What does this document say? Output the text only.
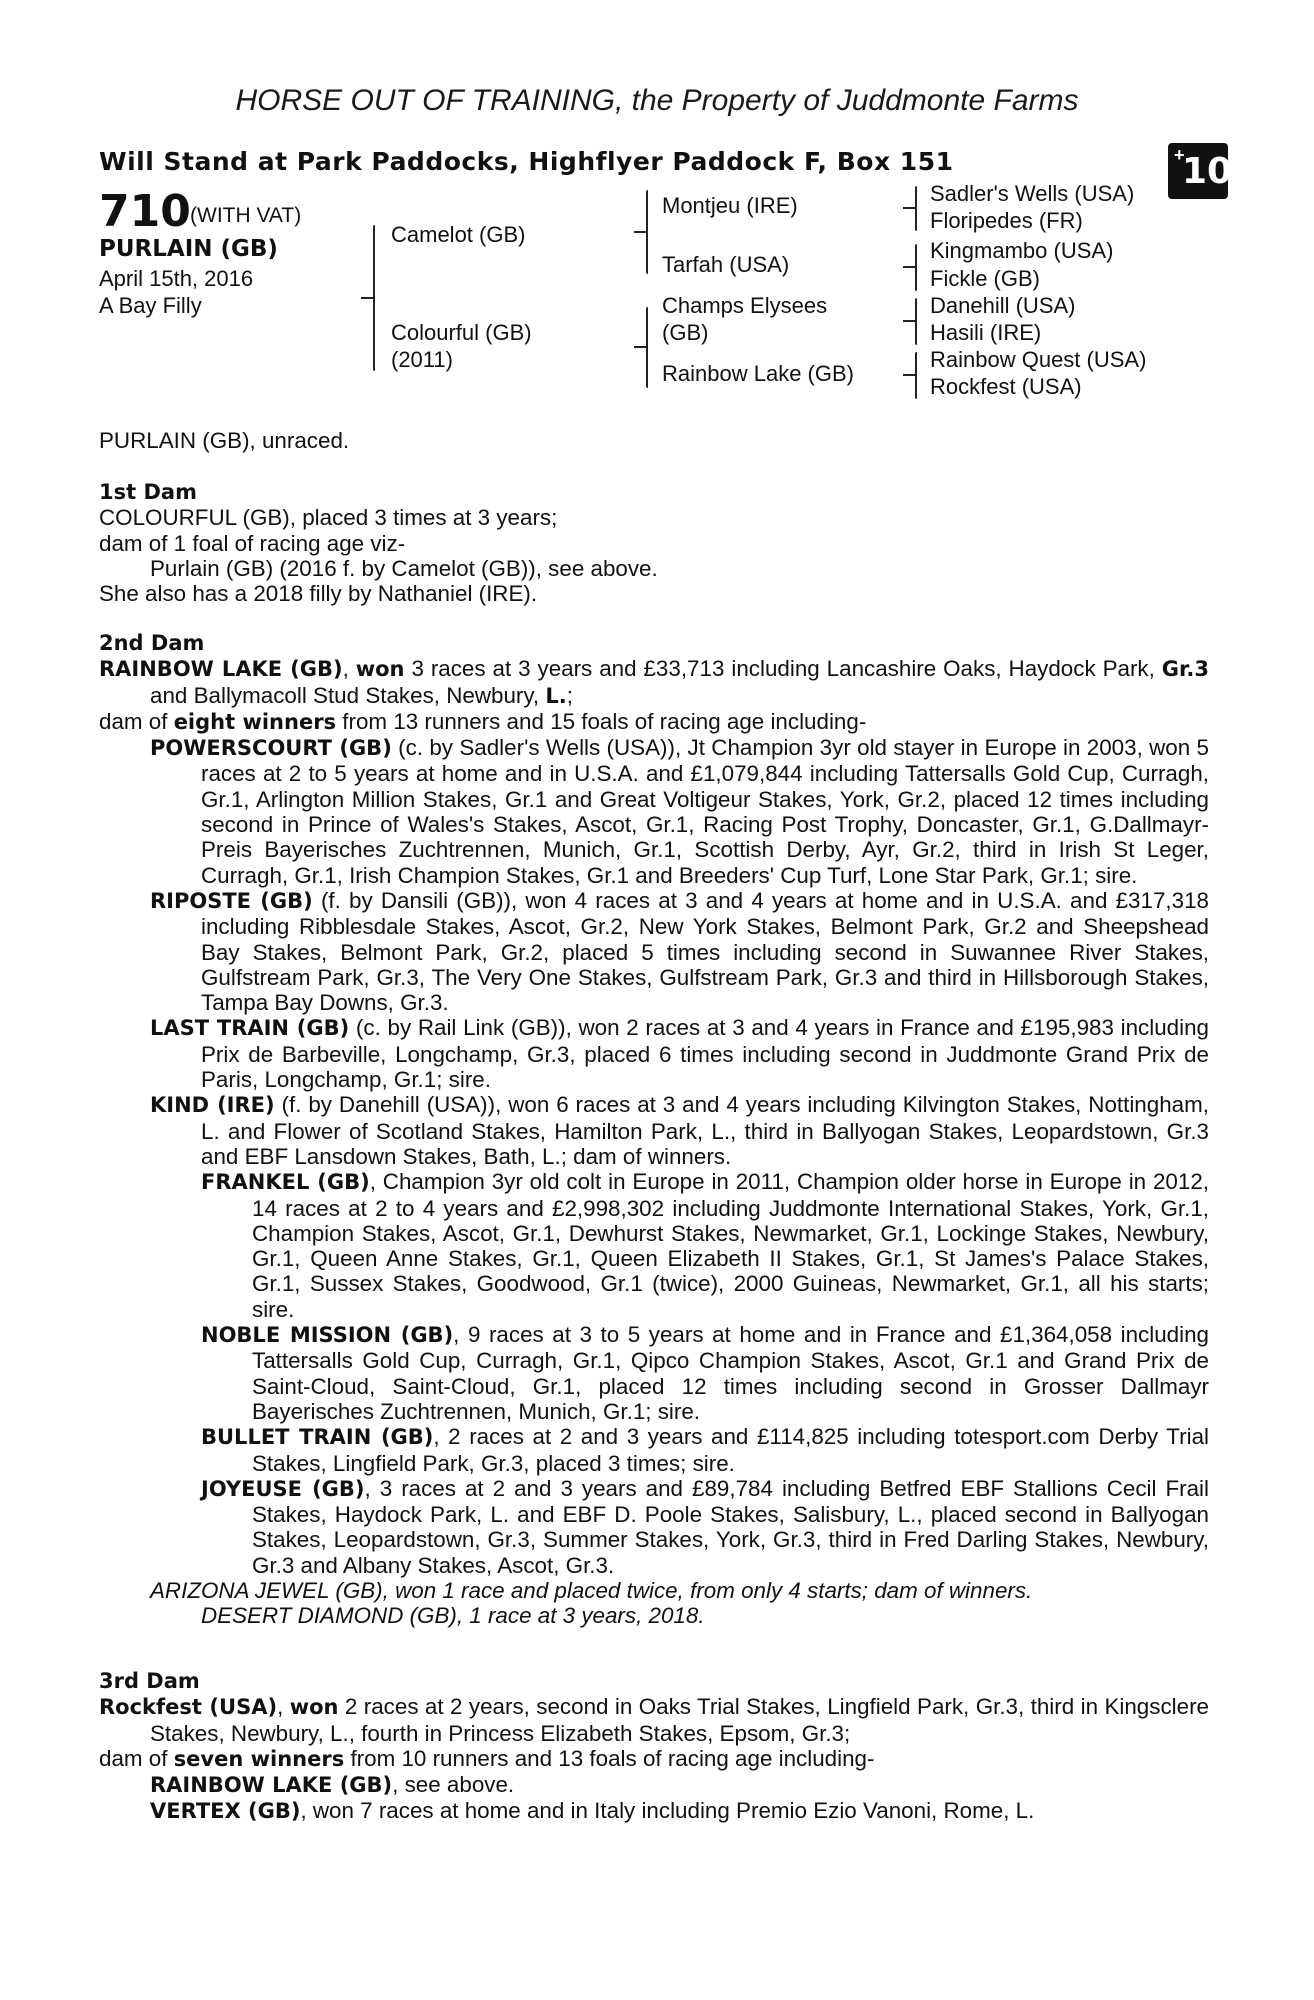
HORSE OUT OF TRAINING, the Property of Juddmonte Farms
Will Stand at Park Paddocks, Highflyer Paddock F, Box 151	+
10
710 (WITH VAT)
PURLAIN (GB)
April 15th, 2016
A Bay Filly
Camelot (GB)
Colourful (GB)
(2011)
Montjeu (IRE)
Tarfah (USA)
Champs Elysees
(GB)
Rainbow Lake (GB)
Sadler's Wells (USA)
Floripedes (FR)
Kingmambo (USA)
Fickle (GB)
Danehill (USA)
Hasili (IRE)
Rainbow Quest (USA)
Rockfest (USA)

PURLAIN (GB), unraced.

1st Dam

COLOURFUL (GB), placed 3 times at 3 years;

dam of 1 foal of racing age viz-

Purlain (GB) (2016 f. by Camelot (GB)), see above.

She also has a 2018 filly by Nathaniel (IRE).

2nd Dam

RAINBOW LAKE (GB), won 3 races at 3 years and £33,713 including Lancashire Oaks, Haydock Park, Gr.3 and Ballymacoll Stud Stakes, Newbury, L.;

dam of eight winners from 13 runners and 15 foals of racing age including-

POWERSCOURT (GB) (c. by Sadler's Wells (USA)), Jt Champion 3yr old stayer in Europe in 2003, won 5 races at 2 to 5 years at home and in U.S.A. and £1,079,844 including Tattersalls Gold Cup, Curragh, Gr.1, Arlington Million Stakes, Gr.1 and Great Voltigeur Stakes, York, Gr.2, placed 12 times including second in Prince of Wales's Stakes, Ascot, Gr.1, Racing Post Trophy, Doncaster, Gr.1, G.Dallmayr-Preis Bayerisches Zuchtrennen, Munich, Gr.1, Scottish Derby, Ayr, Gr.2, third in Irish St Leger, Curragh, Gr.1, Irish Champion Stakes, Gr.1 and Breeders' Cup Turf, Lone Star Park, Gr.1; sire.

RIPOSTE (GB) (f. by Dansili (GB)), won 4 races at 3 and 4 years at home and in U.S.A. and £317,318 including Ribblesdale Stakes, Ascot, Gr.2, New York Stakes, Belmont Park, Gr.2 and Sheepshead Bay Stakes, Belmont Park, Gr.2, placed 5 times including second in Suwannee River Stakes, Gulfstream Park, Gr.3, The Very One Stakes, Gulfstream Park, Gr.3 and third in Hillsborough Stakes, Tampa Bay Downs, Gr.3.

LAST TRAIN (GB) (c. by Rail Link (GB)), won 2 races at 3 and 4 years in France and £195,983 including Prix de Barbeville, Longchamp, Gr.3, placed 6 times including second in Juddmonte Grand Prix de Paris, Longchamp, Gr.1; sire.

KIND (IRE) (f. by Danehill (USA)), won 6 races at 3 and 4 years including Kilvington Stakes, Nottingham, L. and Flower of Scotland Stakes, Hamilton Park, L., third in Ballyogan Stakes, Leopardstown, Gr.3 and EBF Lansdown Stakes, Bath, L.; dam of winners.

FRANKEL (GB), Champion 3yr old colt in Europe in 2011, Champion older horse in Europe in 2012, 14 races at 2 to 4 years and £2,998,302 including Juddmonte International Stakes, York, Gr.1, Champion Stakes, Ascot, Gr.1, Dewhurst Stakes, Newmarket, Gr.1, Lockinge Stakes, Newbury, Gr.1, Queen Anne Stakes, Gr.1, Queen Elizabeth II Stakes, Gr.1, St James's Palace Stakes, Gr.1, Sussex Stakes, Goodwood, Gr.1 (twice), 2000 Guineas, Newmarket, Gr.1, all his starts; sire.

NOBLE MISSION (GB), 9 races at 3 to 5 years at home and in France and £1,364,058 including Tattersalls Gold Cup, Curragh, Gr.1, Qipco Champion Stakes, Ascot, Gr.1 and Grand Prix de Saint-Cloud, Saint-Cloud, Gr.1, placed 12 times including second in Grosser Dallmayr Bayerisches Zuchtrennen, Munich, Gr.1; sire.

BULLET TRAIN (GB), 2 races at 2 and 3 years and £114,825 including totesport.com Derby Trial Stakes, Lingfield Park, Gr.3, placed 3 times; sire.

JOYEUSE (GB), 3 races at 2 and 3 years and £89,784 including Betfred EBF Stallions Cecil Frail Stakes, Haydock Park, L. and EBF D. Poole Stakes, Salisbury, L., placed second in Ballyogan Stakes, Leopardstown, Gr.3, Summer Stakes, York, Gr.3, third in Fred Darling Stakes, Newbury, Gr.3 and Albany Stakes, Ascot, Gr.3.

ARIZONA JEWEL (GB), won 1 race and placed twice, from only 4 starts; dam of winners.

DESERT DIAMOND (GB), 1 race at 3 years, 2018.

3rd Dam

Rockfest (USA), won 2 races at 2 years, second in Oaks Trial Stakes, Lingfield Park, Gr.3, third in Kingsclere Stakes, Newbury, L., fourth in Princess Elizabeth Stakes, Epsom, Gr.3;

dam of seven winners from 10 runners and 13 foals of racing age including-

RAINBOW LAKE (GB), see above.

VERTEX (GB), won 7 races at home and in Italy including Premio Ezio Vanoni, Rome, L.
